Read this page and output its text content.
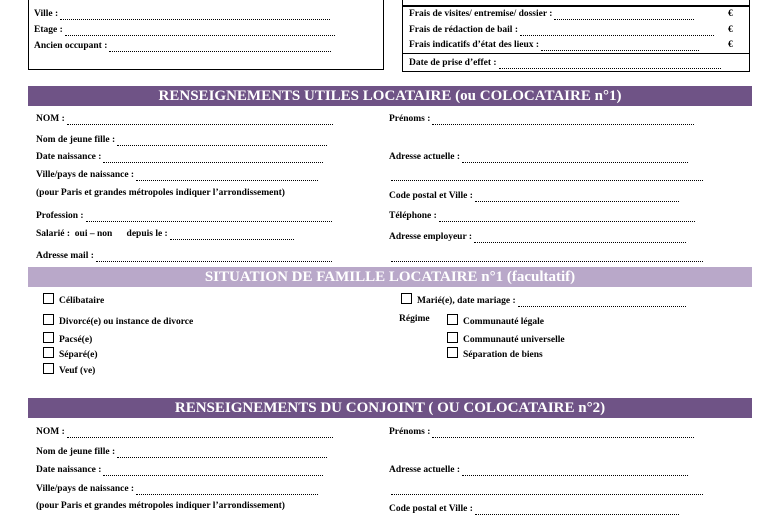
Ville :
Etage :
Ancien occupant :
Frais de visites/ entremise/ dossier :	€
Frais de rédaction de bail :	€
Frais indicatifs d’état des lieux :	€
Date de prise d’effet :
RENSEIGNEMENTS UTILES LOCATAIRE (ou COLOCATAIRE n°1)
NOM :	Prénoms :
Nom de jeune fille :
Date naissance :	Adresse actuelle :
Ville/pays de naissance :
(pour Paris et grandes métropoles indiquer l’arrondissement)	Code postal et Ville :
Profession :	Téléphone :
Salarié : oui – non depuis le :	Adresse employeur :
Adresse mail :
SITUATION DE FAMILLE LOCATAIRE n°1 (facultatif)
Célibataire	Marié(e), date mariage :
Divorcé(e) ou instance de divorce	Régime	Communauté légale
Pacsé(e)	Communauté universelle
Séparé(e)	Séparation de biens
Veuf (ve)
RENSEIGNEMENTS DU CONJOINT ( OU COLOCATAIRE n°2)
NOM :	Prénoms :
Nom de jeune fille :
Date naissance :	Adresse actuelle :
Ville/pays de naissance :
(pour Paris et grandes métropoles indiquer l’arrondissement)	Code postal et Ville :
